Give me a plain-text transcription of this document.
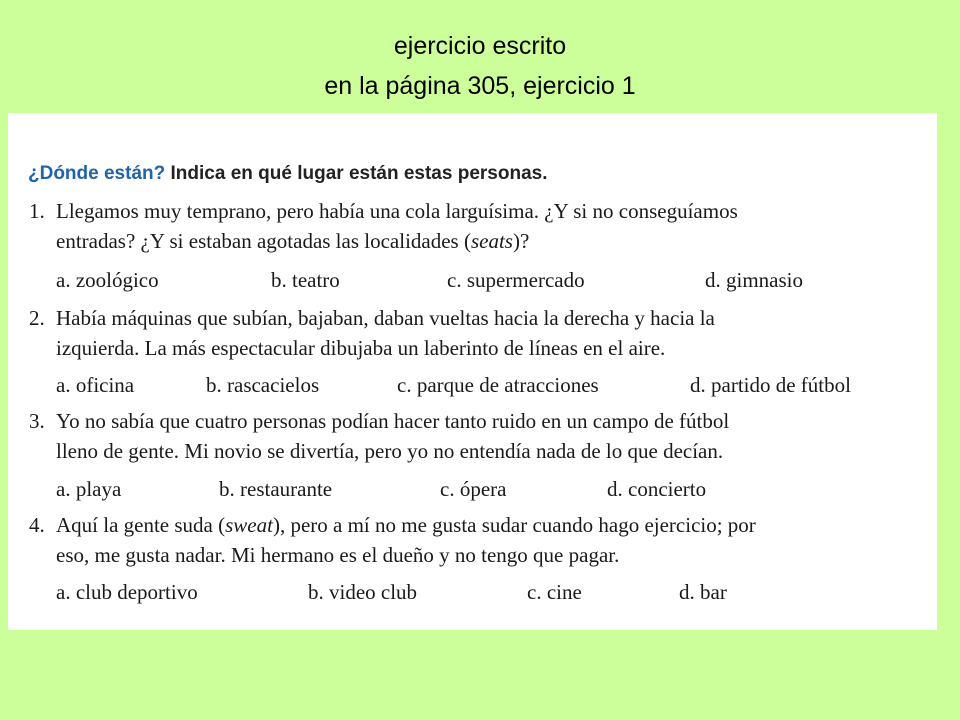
ejercicio escrito
en la página 305, ejercicio 1
¿Dónde están? Indica en qué lugar están estas personas.
1. Llegamos muy temprano, pero había una cola larguísima. ¿Y si no conseguíamos
entradas? ¿Y si estaban agotadas las localidades (seats)?
a. zoológico	b. teatro	c. supermercado	d. gimnasio
2. Había máquinas que subían, bajaban, daban vueltas hacia la derecha y hacia la
izquierda. La más espectacular dibujaba un laberinto de líneas en el aire.
a. oficina	b. rascacielos	c. parque de atracciones	d. partido de fútbol
3. Yo no sabía que cuatro personas podían hacer tanto ruido en un campo de fútbol
lleno de gente. Mi novio se divertía, pero yo no entendía nada de lo que decían.
a. playa	b. restaurante	c. ópera	d. concierto
4. Aquí la gente suda (sweat), pero a mí no me gusta sudar cuando hago ejercicio; por
eso, me gusta nadar. Mi hermano es el dueño y no tengo que pagar.
a. club deportivo	b. video club	c. cine	d. bar
